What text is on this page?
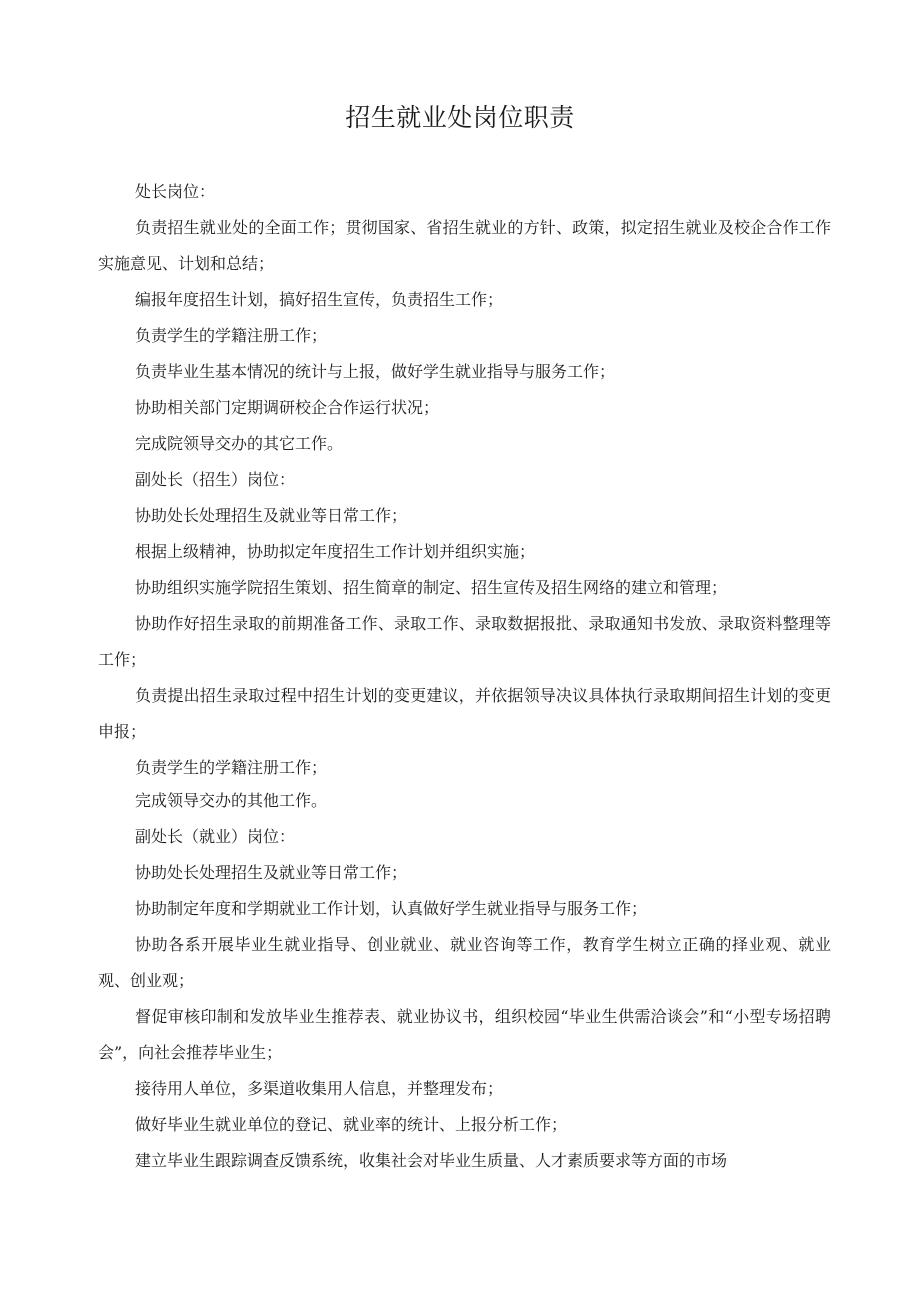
招生就业处岗位职责

处长岗位：

负责招生就业处的全面工作；贯彻国家、省招生就业的方针、政策，拟定招生就业及校企合作工作实施意见、计划和总结；

编报年度招生计划，搞好招生宣传，负责招生工作；

负责学生的学籍注册工作；

负责毕业生基本情况的统计与上报，做好学生就业指导与服务工作；

协助相关部门定期调研校企合作运行状况；

完成院领导交办的其它工作。

副处长（招生）岗位：

协助处长处理招生及就业等日常工作；

根据上级精神，协助拟定年度招生工作计划并组织实施；

协助组织实施学院招生策划、招生简章的制定、招生宣传及招生网络的建立和管理；

协助作好招生录取的前期准备工作、录取工作、录取数据报批、录取通知书发放、录取资料整理等工作；

负责提出招生录取过程中招生计划的变更建议，并依据领导决议具体执行录取期间招生计划的变更申报；

负责学生的学籍注册工作；

完成领导交办的其他工作。

副处长（就业）岗位：

协助处长处理招生及就业等日常工作；

协助制定年度和学期就业工作计划，认真做好学生就业指导与服务工作；

协助各系开展毕业生就业指导、创业就业、就业咨询等工作，教育学生树立正确的择业观、就业观、创业观；

督促审核印制和发放毕业生推荐表、就业协议书，组织校园“毕业生供需洽谈会”和“小型专场招聘会”，向社会推荐毕业生；

接待用人单位，多渠道收集用人信息，并整理发布；

做好毕业生就业单位的登记、就业率的统计、上报分析工作；

建立毕业生跟踪调查反馈系统，收集社会对毕业生质量、人才素质要求等方面的市场
